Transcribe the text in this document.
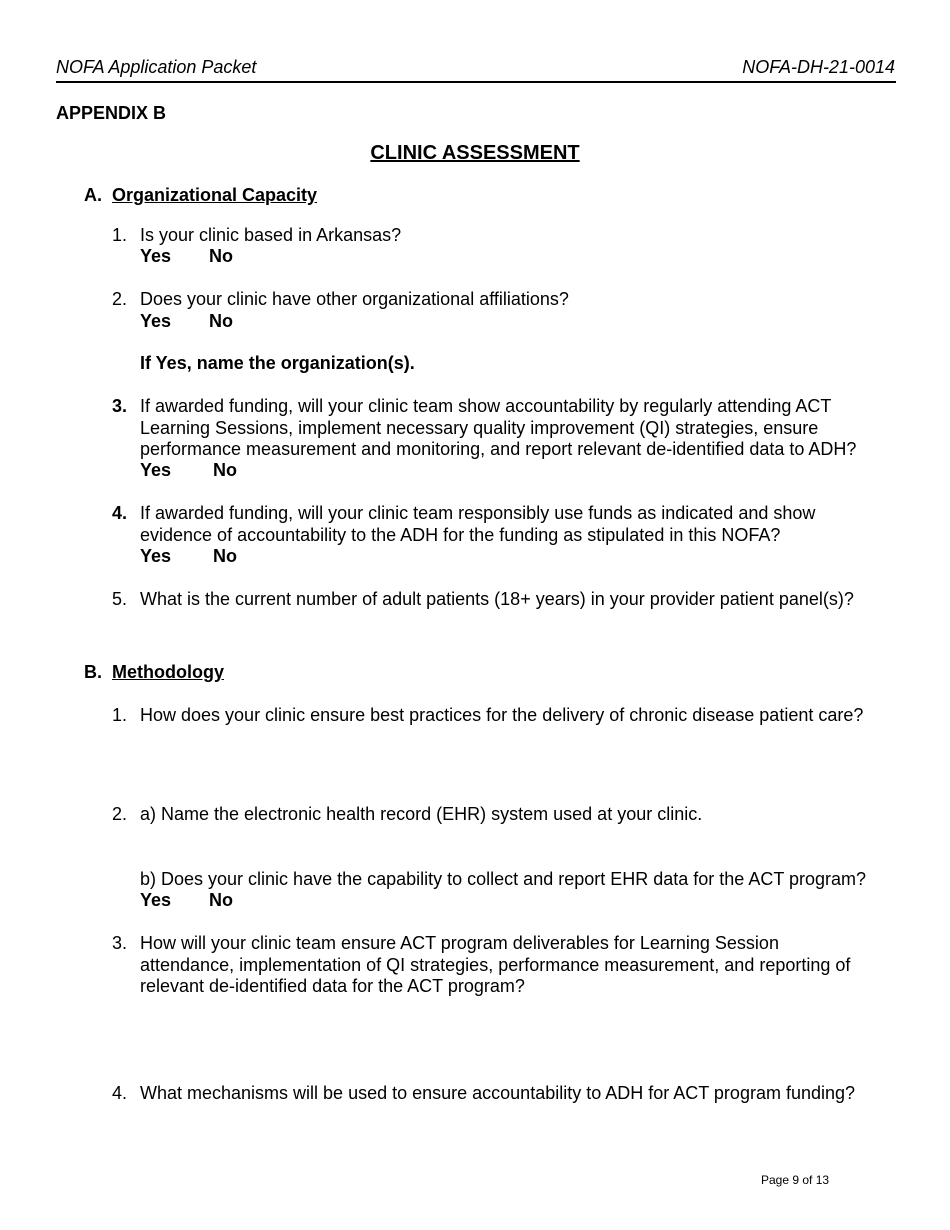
NOFA Application Packet	NOFA-DH-21-0014
APPENDIX B
CLINIC ASSESSMENT
A. Organizational Capacity
1. Is your clinic based in Arkansas?
Yes No
2. Does your clinic have other organizational affiliations?
Yes No
If Yes, name the organization(s).
3. If awarded funding, will your clinic team show accountability by regularly attending ACT
Learning Sessions, implement necessary quality improvement (QI) strategies, ensure
performance measurement and monitoring, and report relevant de-identified data to ADH?
Yes No
4. If awarded funding, will your clinic team responsibly use funds as indicated and show
evidence of accountability to the ADH for the funding as stipulated in this NOFA?
Yes No
5. What is the current number of adult patients (18+ years) in your provider patient panel(s)?
B. Methodology
1. How does your clinic ensure best practices for the delivery of chronic disease patient care?
2. a) Name the electronic health record (EHR) system used at your clinic.
b) Does your clinic have the capability to collect and report EHR data for the ACT program?
Yes No
3. How will your clinic team ensure ACT program deliverables for Learning Session
attendance, implementation of QI strategies, performance measurement, and reporting of
relevant de-identified data for the ACT program?
4. What mechanisms will be used to ensure accountability to ADH for ACT program funding?
Page 9 of 13
